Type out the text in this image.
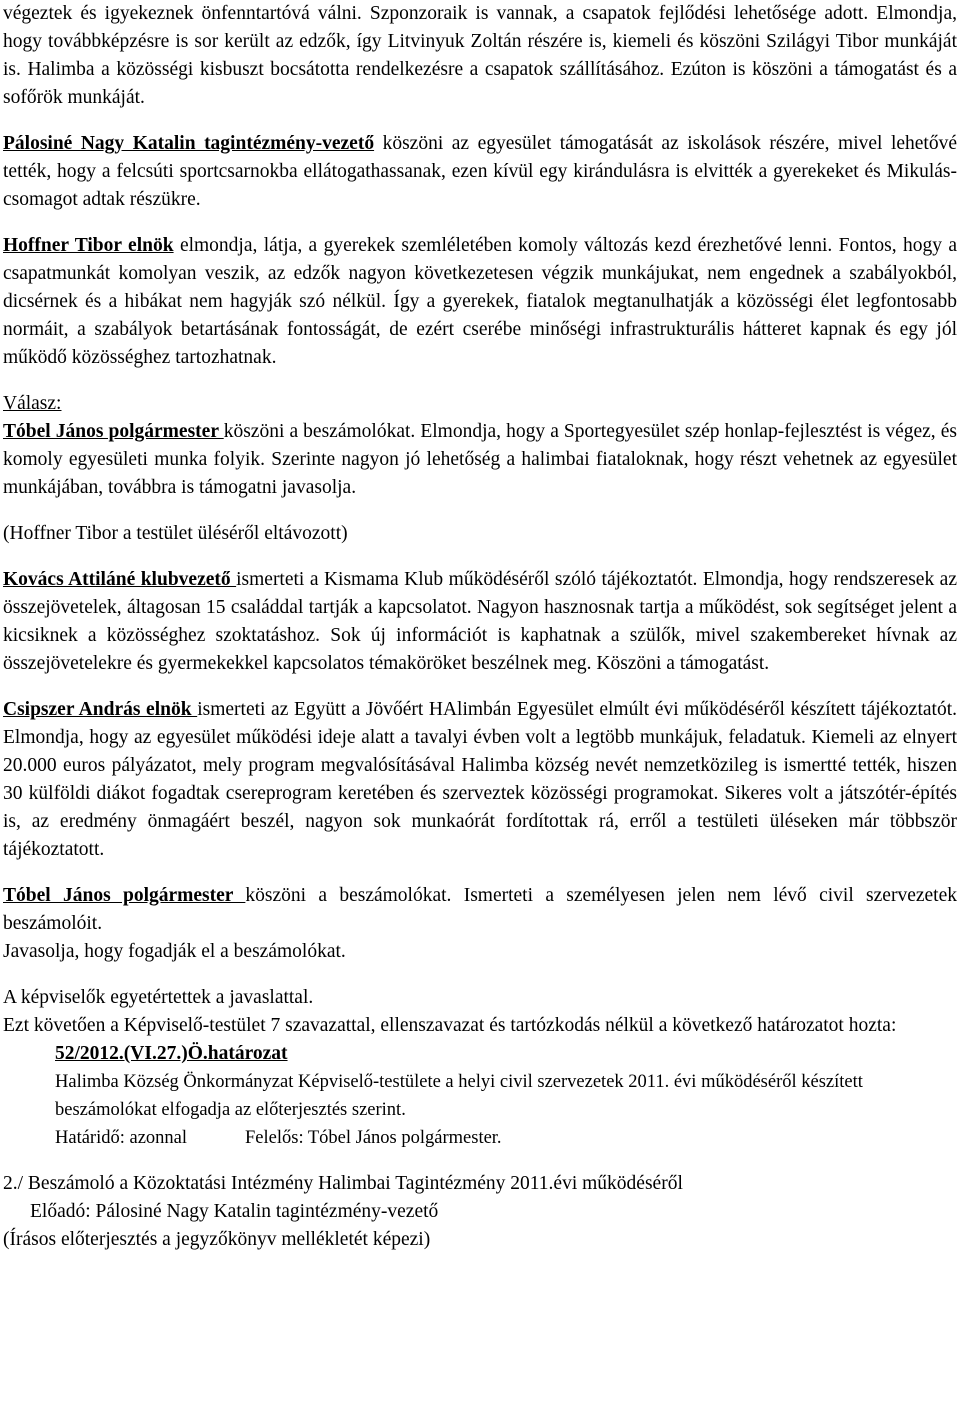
végeztek és igyekeznek önfenntartóvá válni. Szponzoraik is vannak, a csapatok fejlődési lehetősége adott. Elmondja, hogy továbbképzésre is sor került az edzők, így Litvinyuk Zoltán részére is, kiemeli és köszöni Szilágyi Tibor munkáját is. Halimba a közösségi kisbuszt bocsátotta rendelkezésre a csapatok szállításához. Ezúton is köszöni a támogatást és a sofőrök munkáját.

Pálosiné Nagy Katalin tagintézmény-vezető köszöni az egyesület támogatását az iskolások részére, mivel lehetővé tették, hogy a felcsúti sportcsarnokba ellátogathassanak, ezen kívül egy kirándulásra is elvitték a gyerekeket és Mikulás-csomagot adtak részükre.

Hoffner Tibor elnök elmondja, látja, a gyerekek szemléletében komoly változás kezd érezhetővé lenni. Fontos, hogy a csapatmunkát komolyan veszik, az edzők nagyon következetesen végzik munkájukat, nem engednek a szabályokból, dicsérnek és a hibákat nem hagyják szó nélkül. Így a gyerekek, fiatalok megtanulhatják a közösségi élet legfontosabb normáit, a szabályok betartásának fontosságát, de ezért cserébe minőségi infrastrukturális hátteret kapnak és egy jól működő közösséghez tartozhatnak.

Válasz:

Tóbel János polgármester köszöni a beszámolókat. Elmondja, hogy a Sportegyesület szép honlap-fejlesztést is végez, és komoly egyesületi munka folyik. Szerinte nagyon jó lehetőség a halimbai fiataloknak, hogy részt vehetnek az egyesület munkájában, továbbra is támogatni javasolja.

(Hoffner Tibor a testület üléséről eltávozott)

Kovács Attiláné klubvezető ismerteti a Kismama Klub működéséről szóló tájékoztatót. Elmondja, hogy rendszeresek az összejövetelek, áltagosan 15 családdal tartják a kapcsolatot. Nagyon hasznosnak tartja a működést, sok segítséget jelent a kicsiknek a közösséghez szoktatáshoz. Sok új információt is kaphatnak a szülők, mivel szakembereket hívnak az összejövetelekre és gyermekekkel kapcsolatos témaköröket beszélnek meg. Köszöni a támogatást.

Csipszer András elnök ismerteti az Együtt a Jövőért HAlimbán Egyesület elmúlt évi működéséről készített tájékoztatót. Elmondja, hogy az egyesület működési ideje alatt a tavalyi évben volt a legtöbb munkájuk, feladatuk. Kiemeli az elnyert 20.000 euros pályázatot, mely program megvalósításával Halimba község nevét nemzetközileg is ismertté tették, hiszen 30 külföldi diákot fogadtak csereprogram keretében és szerveztek közösségi programokat. Sikeres volt a játszótér-építés is, az eredmény önmagáért beszél, nagyon sok munkaórát fordítottak rá, erről a testületi üléseken már többször tájékoztatott.

Tóbel János polgármester köszöni a beszámolókat. Ismerteti a személyesen jelen nem lévő civil szervezetek beszámolóit.

Javasolja, hogy fogadják el a beszámolókat.

A képviselők egyetértettek a javaslattal.

Ezt követően a Képviselő-testület 7 szavazattal, ellenszavazat és tartózkodás nélkül a következő határozatot hozta:

52/2012.(VI.27.)Ö.határozat

Halimba Község Önkormányzat Képviselő-testülete a helyi civil szervezetek 2011. évi működéséről készített beszámolókat elfogadja az előterjesztés szerint.

Határidő: azonnal	Felelős: Tóbel János polgármester.

2./ Beszámoló a Közoktatási Intézmény Halimbai Tagintézmény 2011.évi működéséről

Előadó: Pálosiné Nagy Katalin tagintézmény-vezető

(Írásos előterjesztés a jegyzőkönyv mellékletét képezi)
